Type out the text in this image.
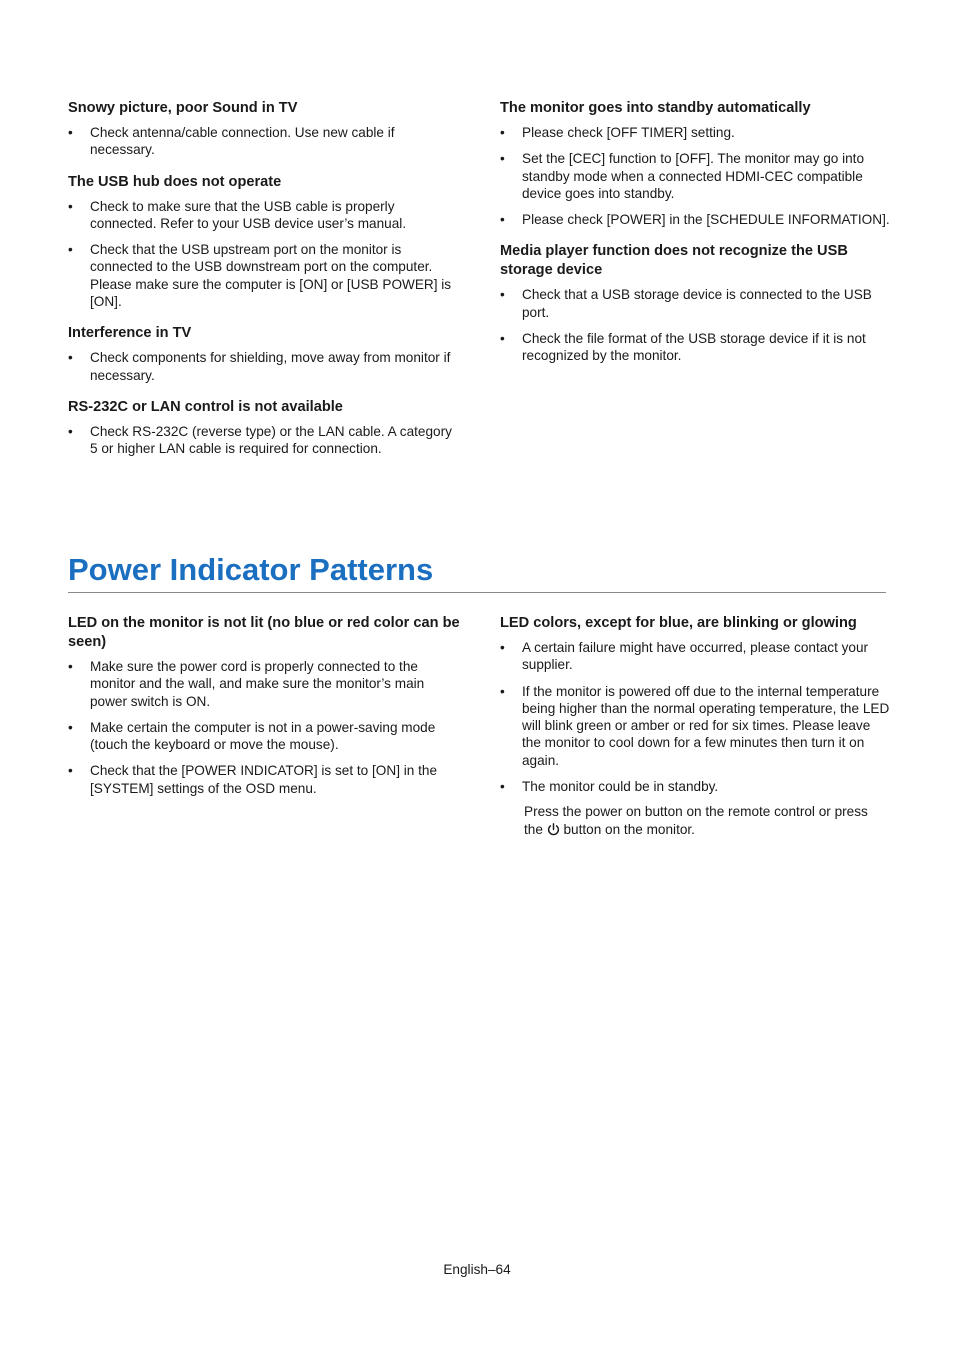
Snowy picture, poor Sound in TV
• Check antenna/cable connection. Use new cable if necessary.
The USB hub does not operate
• Check to make sure that the USB cable is properly connected. Refer to your USB device user’s manual.
• Check that the USB upstream port on the monitor is connected to the USB downstream port on the computer. Please make sure the computer is [ON] or [USB POWER] is [ON].
Interference in TV
• Check components for shielding, move away from monitor if necessary.
RS-232C or LAN control is not available
• Check RS-232C (reverse type) or the LAN cable. A category 5 or higher LAN cable is required for connection.
The monitor goes into standby automatically
• Please check [OFF TIMER] setting.
• Set the [CEC] function to [OFF]. The monitor may go into standby mode when a connected HDMI-CEC compatible device goes into standby.
• Please check [POWER] in the [SCHEDULE INFORMATION].
Media player function does not recognize the USB storage device
• Check that a USB storage device is connected to the USB port.
• Check the file format of the USB storage device if it is not recognized by the monitor.
Power Indicator Patterns
LED on the monitor is not lit (no blue or red color can be seen)
• Make sure the power cord is properly connected to the monitor and the wall, and make sure the monitor’s main power switch is ON.
• Make certain the computer is not in a power-saving mode (touch the keyboard or move the mouse).
• Check that the [POWER INDICATOR] is set to [ON] in the [SYSTEM] settings of the OSD menu.
LED colors, except for blue, are blinking or glowing
• A certain failure might have occurred, please contact your supplier.
• If the monitor is powered off due to the internal temperature being higher than the normal operating temperature, the LED will blink green or amber or red for six times. Please leave the monitor to cool down for a few minutes then turn it on again.
• The monitor could be in standby.
Press the power on button on the remote control or press the  button on the monitor.
English–64
